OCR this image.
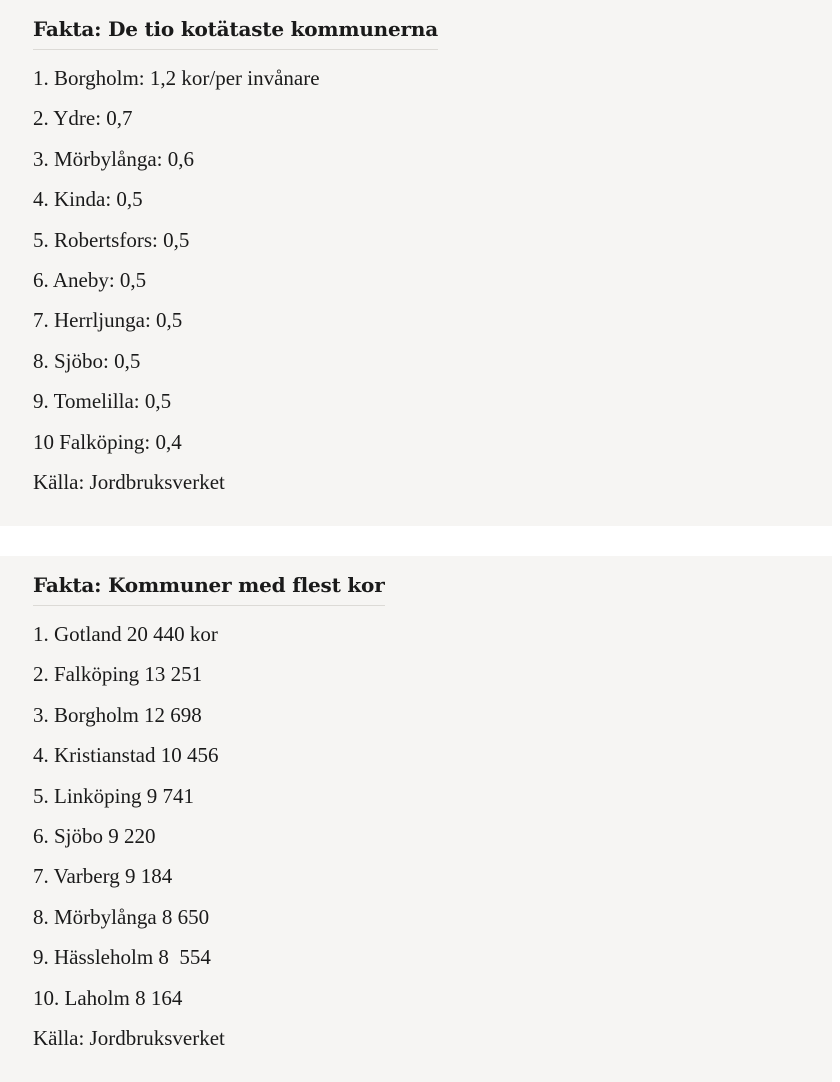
Fakta: De tio kotätaste kommunerna
1. Borgholm: 1,2 kor/per invånare
2. Ydre: 0,7
3. Mörbylånga: 0,6
4. Kinda: 0,5
5. Robertsfors: 0,5
6. Aneby: 0,5
7. Herrljunga: 0,5
8. Sjöbo: 0,5
9. Tomelilla: 0,5
10 Falköping: 0,4
Källa: Jordbruksverket
Fakta: Kommuner med flest kor
1. Gotland 20 440 kor
2. Falköping 13 251
3. Borgholm 12 698
4. Kristianstad 10 456
5. Linköping 9 741
6. Sjöbo 9 220
7. Varberg 9 184
8. Mörbylånga 8 650
9. Hässleholm 8  554
10. Laholm 8 164
Källa: Jordbruksverket
